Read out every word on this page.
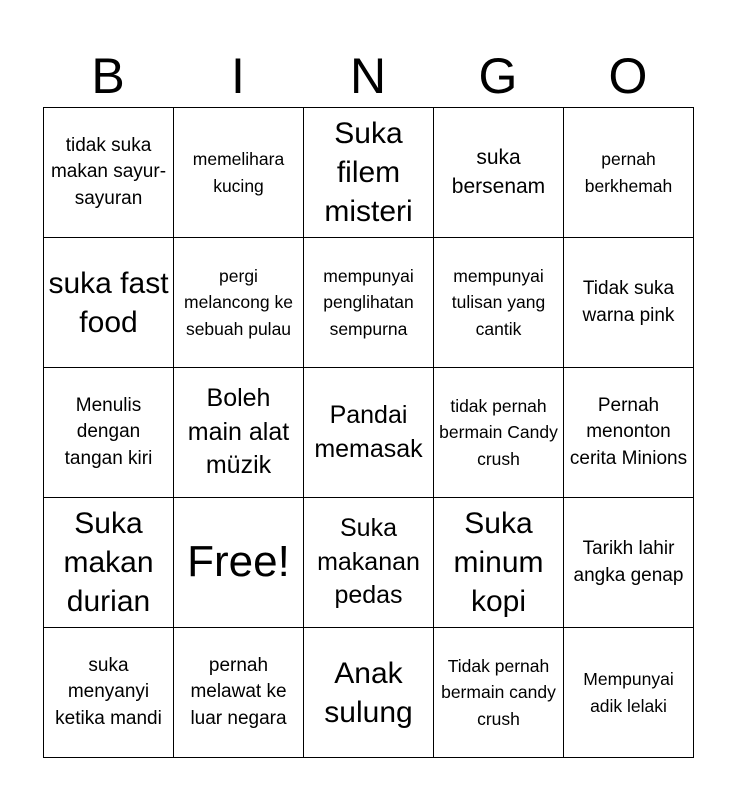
B	I	N	G	O
tidak suka makan sayur-sayuran	memelihara kucing	Suka filem misteri	suka bersenam	pernah berkhemah
suka fast food	pergi melancong ke sebuah pulau	mempunyai penglihatan sempurna	mempunyai tulisan yang cantik	Tidak suka warna pink
Menulis dengan tangan kiri	Boleh main alat müzik	Pandai memasak	tidak pernah bermain Candy crush	Pernah menonton cerita Minions
Suka makan durian	Free!	Suka makanan pedas	Suka minum kopi	Tarikh lahir angka genap
suka menyanyi ketika mandi	pernah melawat ke luar negara	Anak sulung	Tidak pernah bermain candy crush	Mempunyai adik lelaki
